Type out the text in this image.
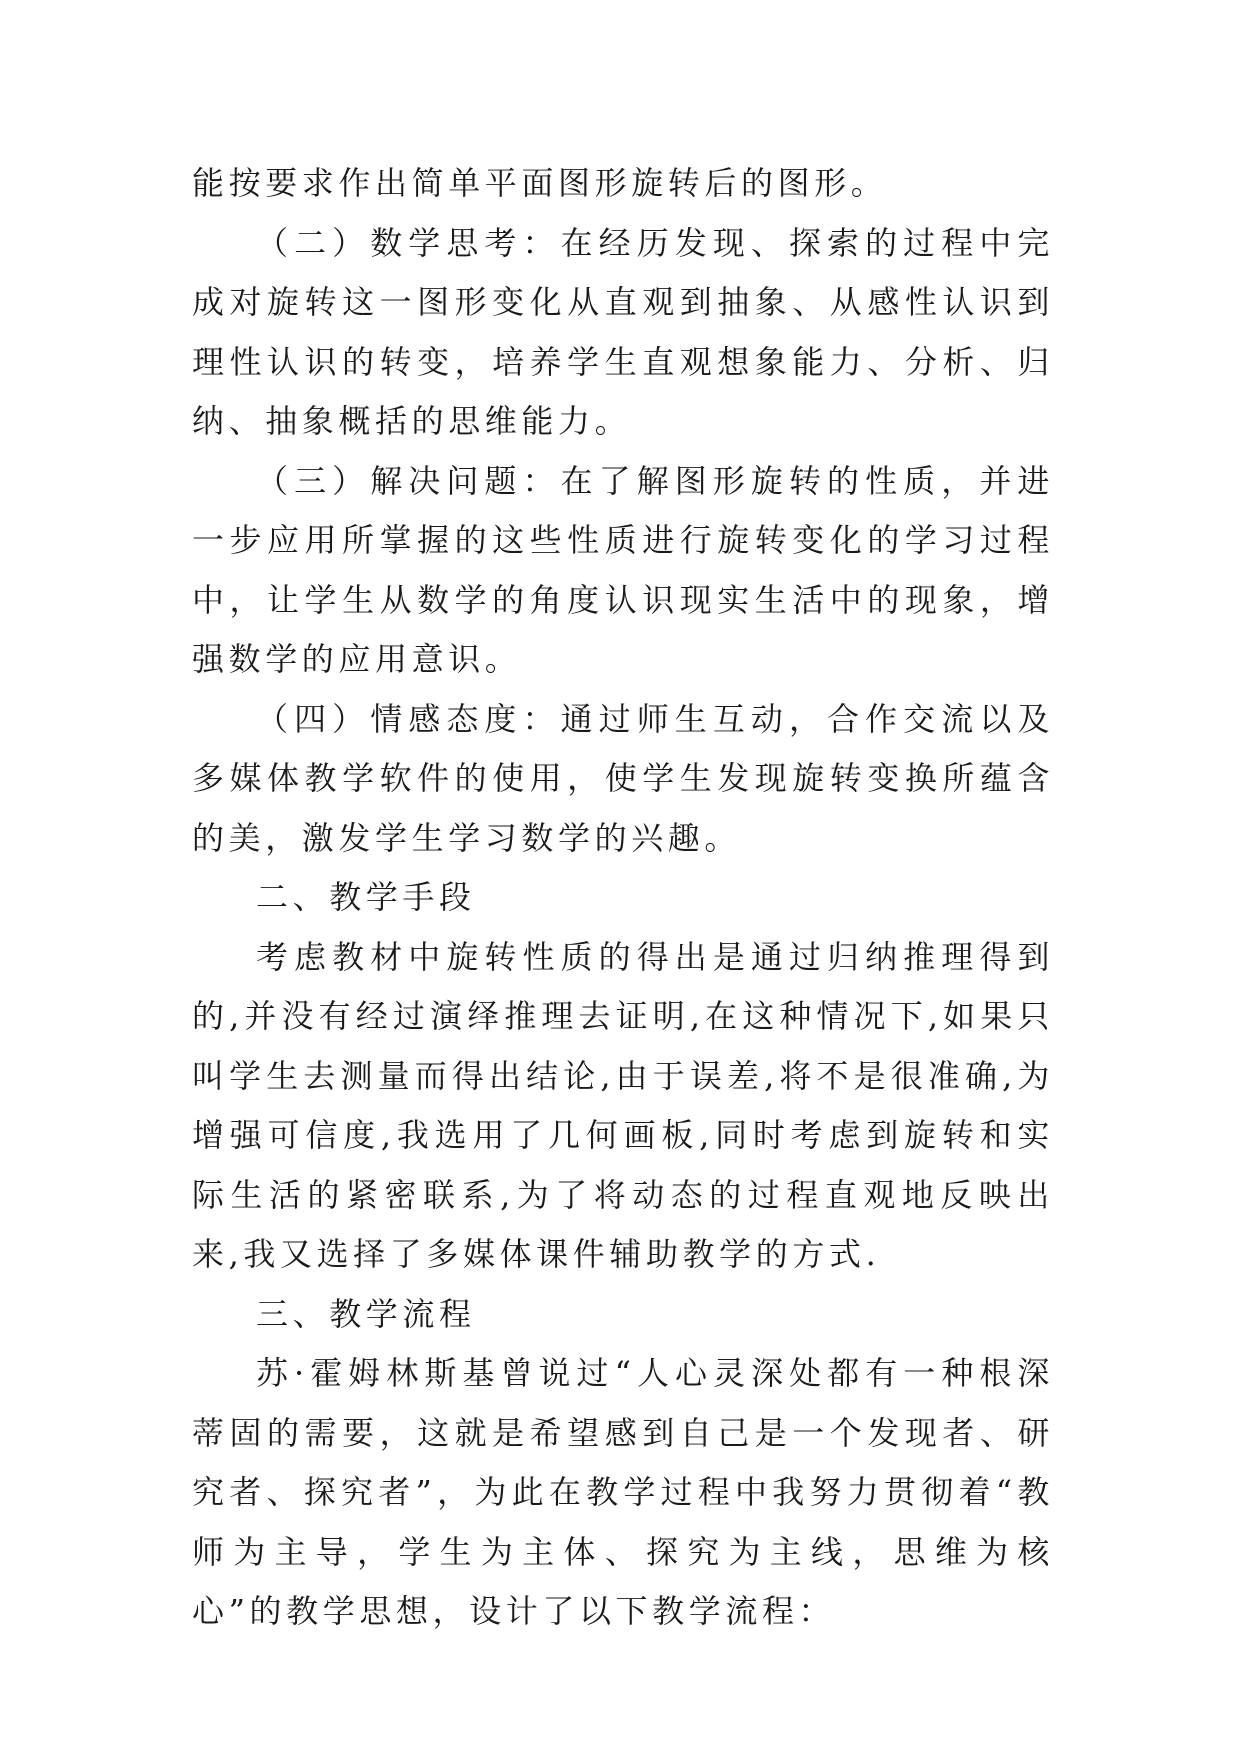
能按要求作出简单平面图形旋转后的图形。

（二）数学思考：在经历发现、探索的过程中完成对旋转这一图形变化从直观到抽象、从感性认识到理性认识的转变，培养学生直观想象能力、分析、归纳、抽象概括的思维能力。

（三）解决问题：在了解图形旋转的性质，并进一步应用所掌握的这些性质进行旋转变化的学习过程中，让学生从数学的角度认识现实生活中的现象，增强数学的应用意识。

（四）情感态度：通过师生互动，合作交流以及多媒体教学软件的使用，使学生发现旋转变换所蕴含的美，激发学生学习数学的兴趣。

二、教学手段

考虑教材中旋转性质的得出是通过归纳推理得到的,并没有经过演绎推理去证明,在这种情况下,如果只叫学生去测量而得出结论,由于误差,将不是很准确,为增强可信度,我选用了几何画板,同时考虑到旋转和实际生活的紧密联系,为了将动态的过程直观地反映出来,我又选择了多媒体课件辅助教学的方式.

三、教学流程

苏·霍姆林斯基曾说过“人心灵深处都有一种根深蒂固的需要，这就是希望感到自己是一个发现者、研究者、探究者”，为此在教学过程中我努力贯彻着“教师为主导，学生为主体、探究为主线，思维为核心”的教学思想，设计了以下教学流程：
